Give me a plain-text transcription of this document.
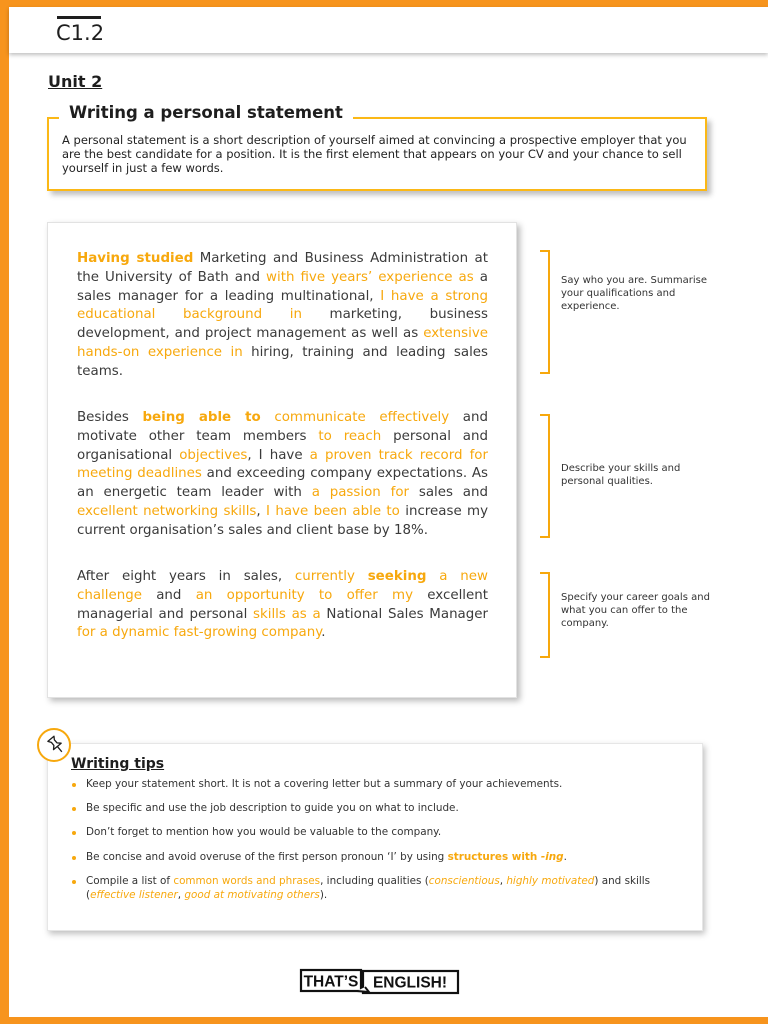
C1.2
Unit 2
Writing a personal statement
A personal statement is a short description of yourself aimed at convincing a prospective employer that you are the best candidate for a position. It is the first element that appears on your CV and your chance to sell yourself in just a few words.
Having studied Marketing and Business Administration at the University of Bath and with five years’ experience as a sales manager for a leading multinational, I have a strong educational background in marketing, business development, and project management as well as extensive hands-on experience in hiring, training and leading sales teams.
Besides being able to communicate effectively and motivate other team members to reach personal and organisational objectives, I have a proven track record for meeting deadlines and exceeding company expectations. As an energetic team leader with a passion for sales and excellent networking skills, I have been able to increase my current organisation’s sales and client base by 18%.
After eight years in sales, currently seeking a new challenge and an opportunity to offer my excellent managerial and personal skills as a National Sales Manager for a dynamic fast-growing company.
Say who you are. Summarise your qualifications and experience.
Describe your skills and personal qualities.
Specify your career goals and what you can offer to the company.
Writing tips
Keep your statement short. It is not a covering letter but a summary of your achievements.
Be specific and use the job description to guide you on what to include.
Don’t forget to mention how you would be valuable to the company.
Be concise and avoid overuse of the first person pronoun ‘I’ by using structures with -ing.
Compile a list of common words and phrases, including qualities (conscientious, highly motivated) and skills (effective listener, good at motivating others).
THAT’S ENGLISH!
